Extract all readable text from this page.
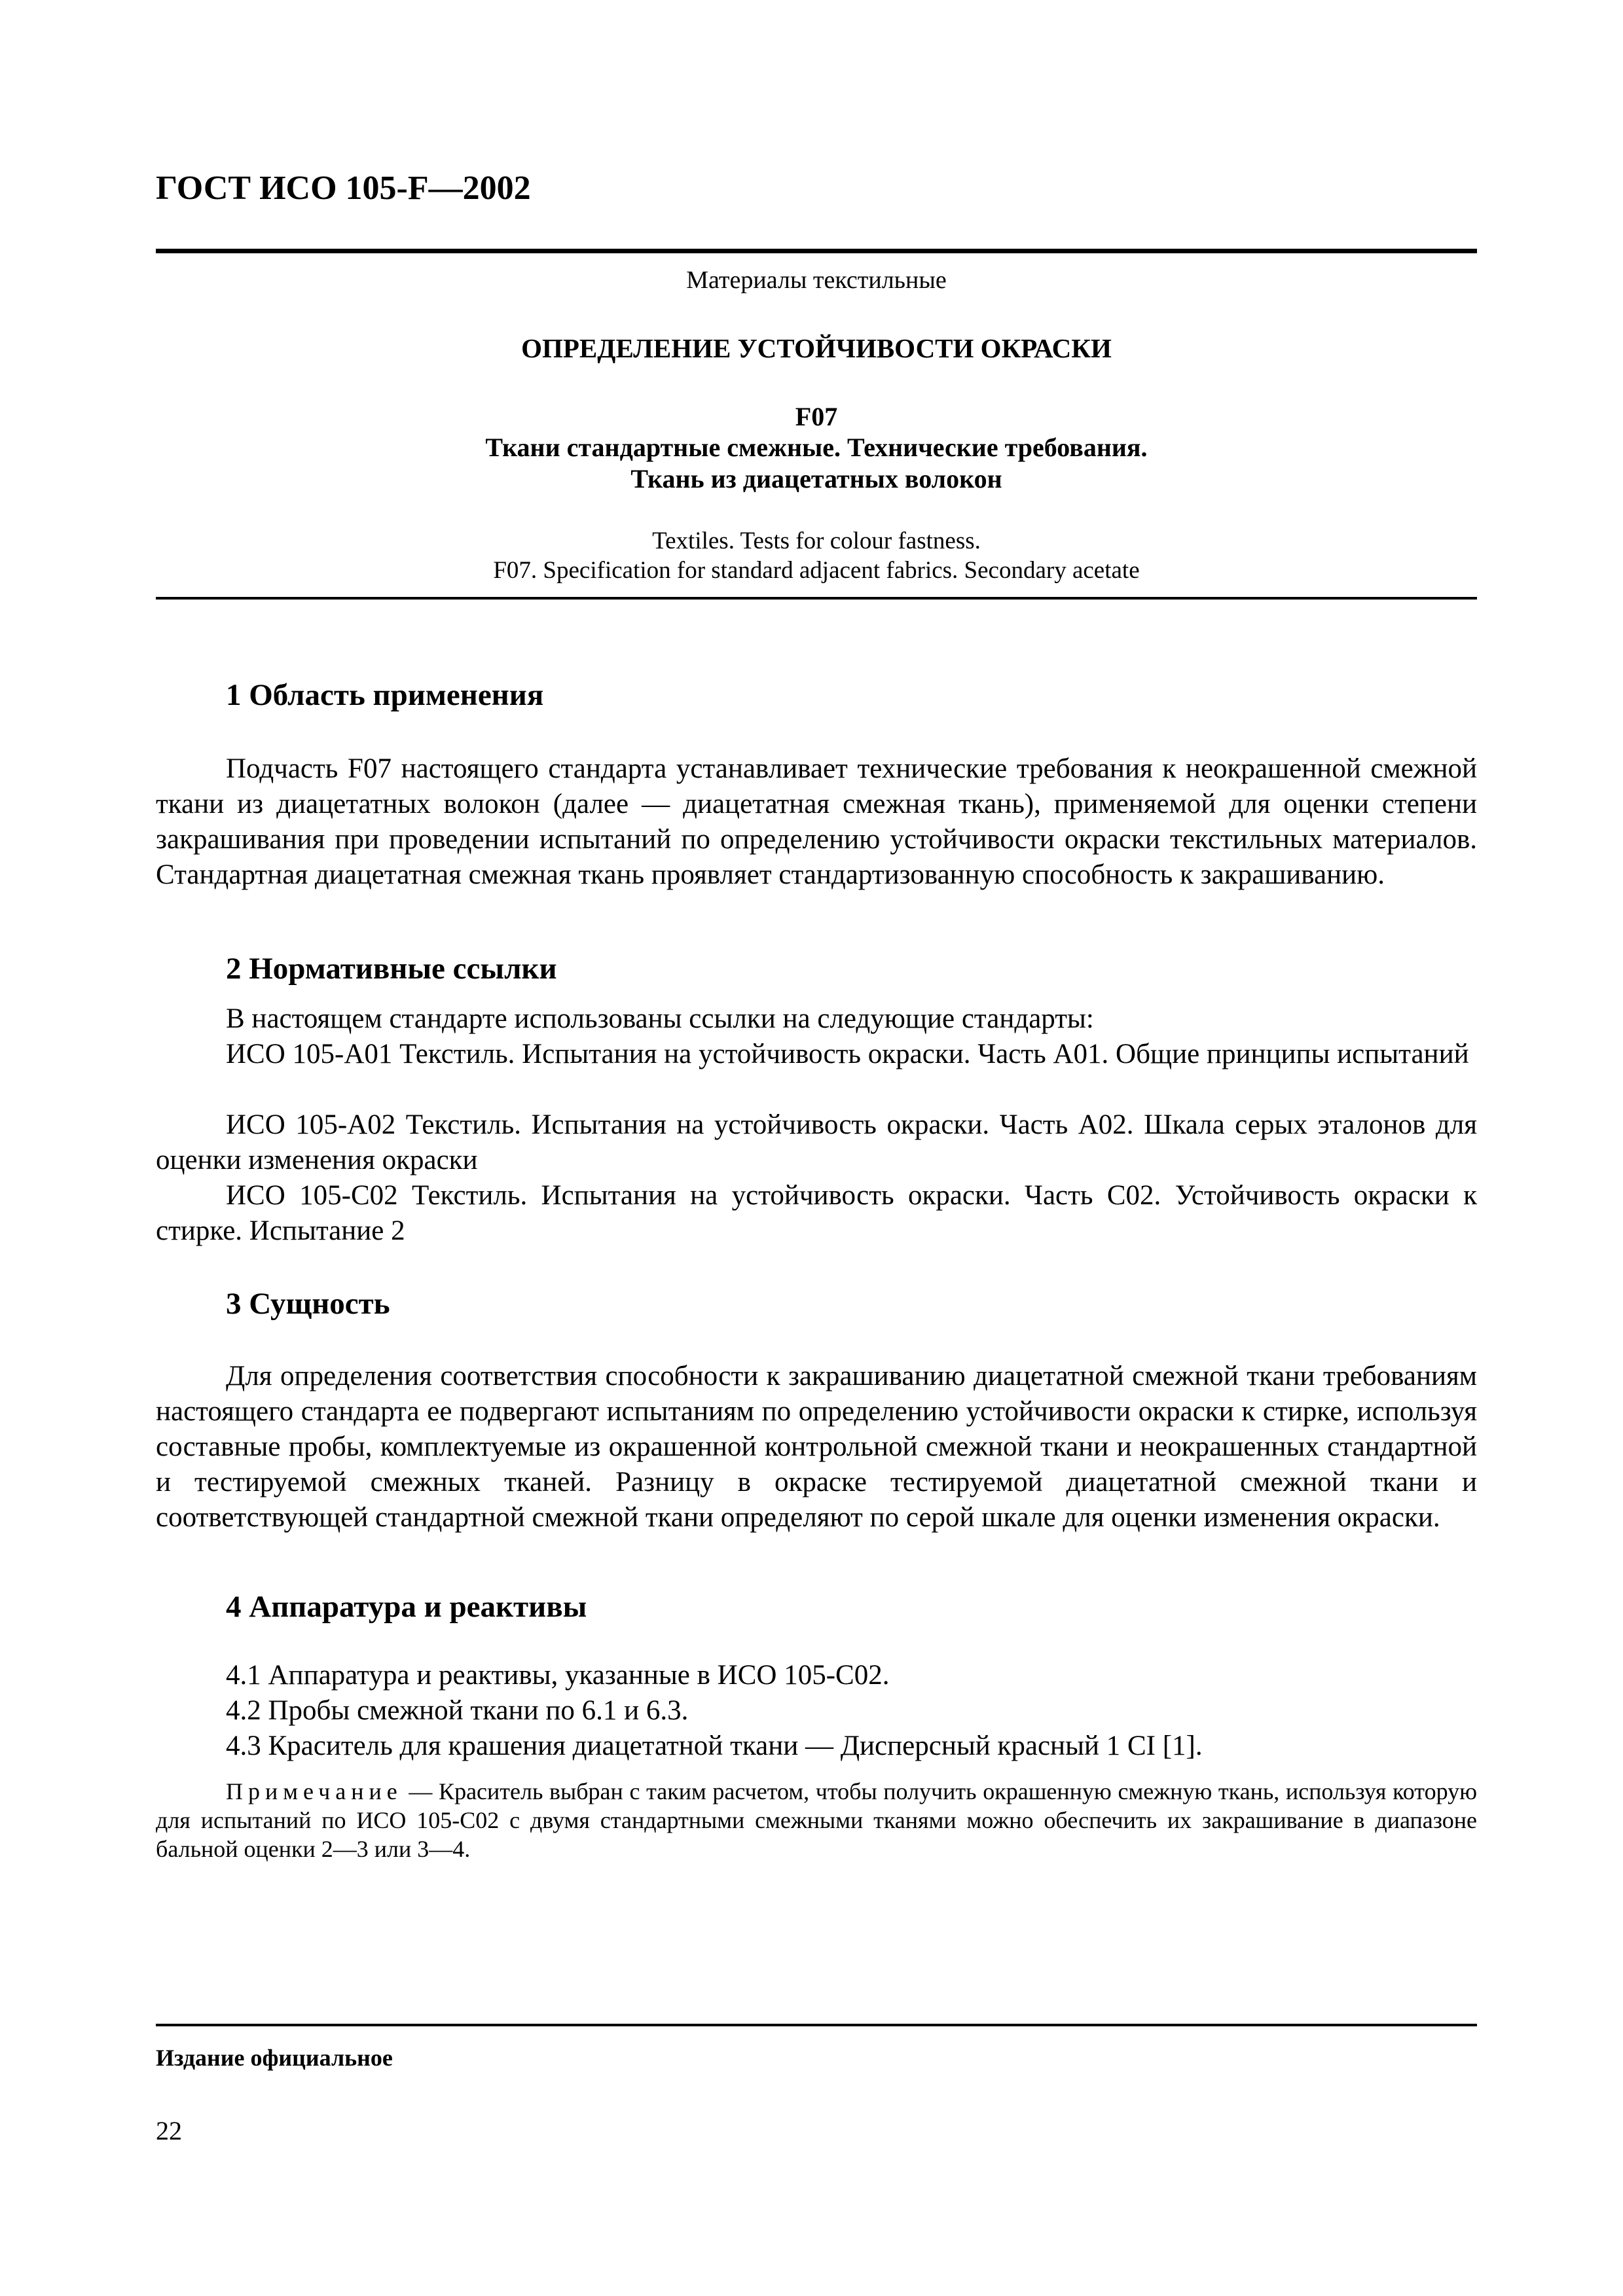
ГОСТ ИСО 105-F—2002
Материалы текстильные
ОПРЕДЕЛЕНИЕ УСТОЙЧИВОСТИ ОКРАСКИ
F07
Ткани стандартные смежные. Технические требования.
Ткань из диацетатных волокон
Textiles. Tests for colour fastness.
F07. Specification for standard adjacent fabrics. Secondary acetate
1 Область применения

Подчасть F07 настоящего стандарта устанавливает технические требования к неокрашенной смежной ткани из диацетатных волокон (далее — диацетатная смежная ткань), применяемой для оценки степени закрашивания при проведении испытаний по определению устойчивости окраски текстильных материалов. Стандартная диацетатная смежная ткань проявляет стандартизованную способность к закрашиванию.

2 Нормативные ссылки
В настоящем стандарте использованы ссылки на следующие стандарты:

ИСО 105-A01 Текстиль. Испытания на устойчивость окраски. Часть A01. Общие принципы испытаний

ИСО 105-A02 Текстиль. Испытания на устойчивость окраски. Часть A02. Шкала серых эталонов для оценки изменения окраски

ИСО 105-C02 Текстиль. Испытания на устойчивость окраски. Часть C02. Устойчивость окраски к стирке. Испытание 2

3 Сущность

Для определения соответствия способности к закрашиванию диацетатной смежной ткани требованиям настоящего стандарта ее подвергают испытаниям по определению устойчивости окраски к стирке, используя составные пробы, комплектуемые из окрашенной контрольной смежной ткани и неокрашенных стандартной и тестируемой смежных тканей. Разницу в окраске тестируемой диацетатной смежной ткани и соответствующей стандартной смежной ткани определяют по серой шкале для оценки изменения окраски.

4 Аппаратура и реактивы
4.1 Аппаратура и реактивы, указанные в ИСО 105-C02.
4.2 Пробы смежной ткани по 6.1 и 6.3.
4.3 Краситель для крашения диацетатной ткани — Дисперсный красный 1 CI [1].

Примечание — Краситель выбран с таким расчетом, чтобы получить окрашенную смежную ткань, используя которую для испытаний по ИСО 105-C02 с двумя стандартными смежными тканями можно обеспечить их закрашивание в диапазоне бальной оценки 2—3 или 3—4.

Издание официальное
22
